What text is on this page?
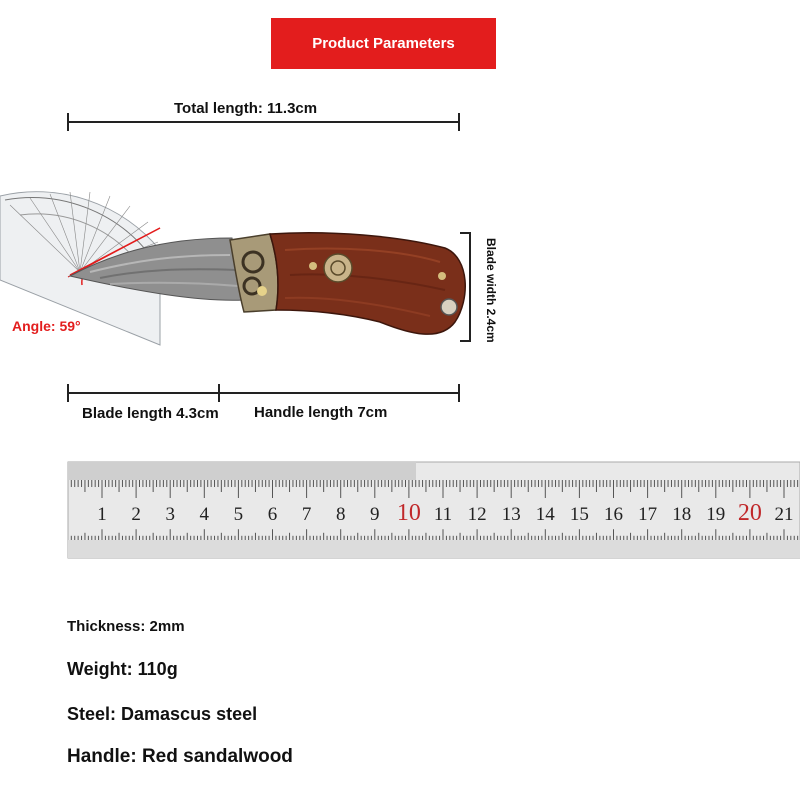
Product Parameters
1 2 3 4 5 6 7 8 9 10 11 12 13 14 15 16 17 18 19 20 21
Total length: 11.3cm
Angle: 59°	Blade width 2.4cm
Blade length 4.3cm Handle length 7cm
Thickness: 2mm
Weight: 110g
Steel: Damascus steel
Handle: Red sandalwood
